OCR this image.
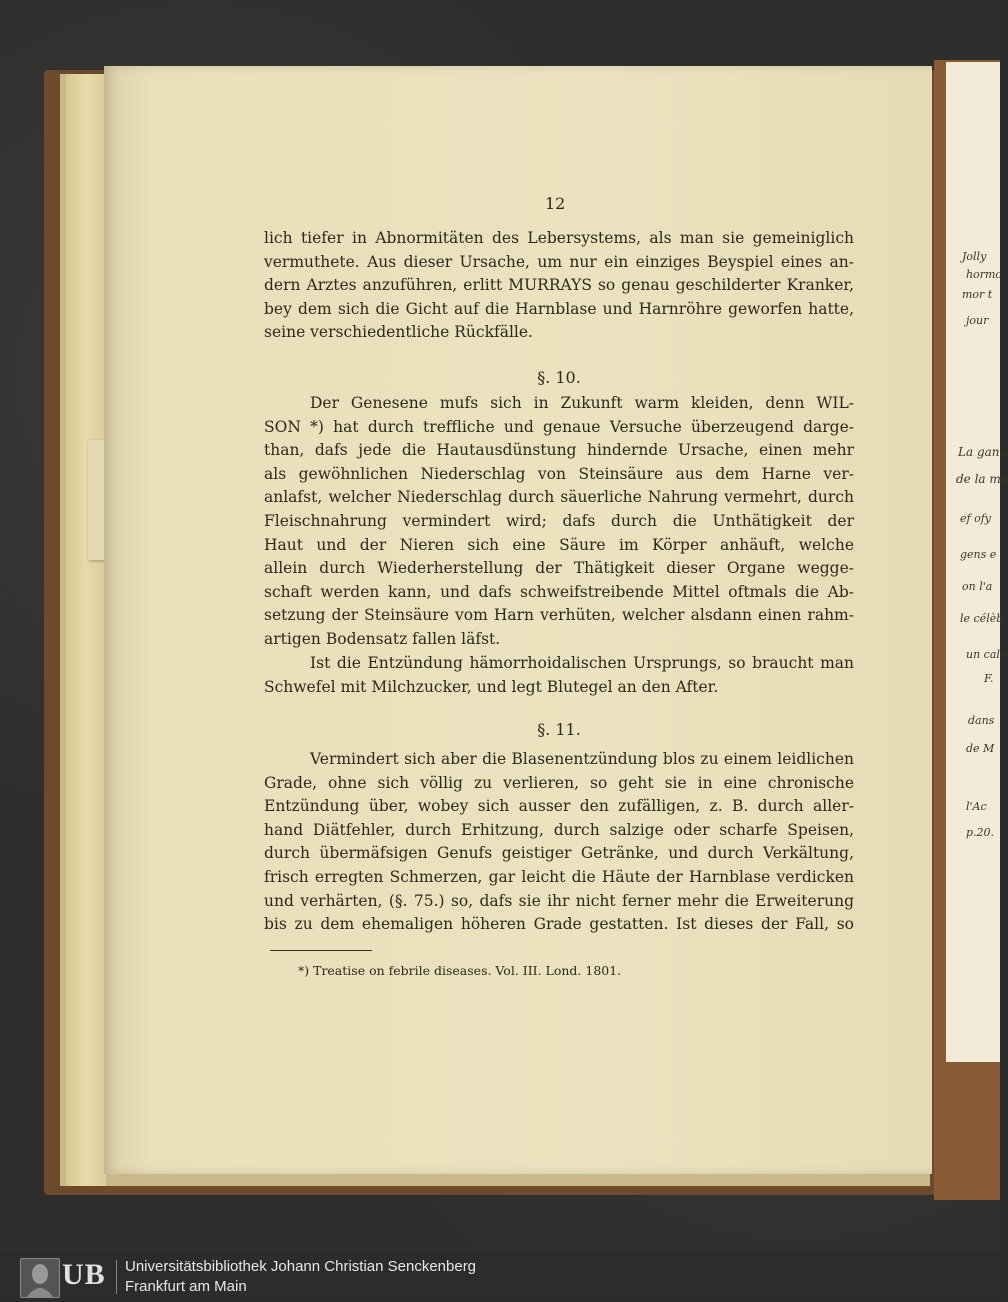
Jolly
hormo
mor t
jour
La gang
de la ma
ef ofy
gens e
on l'a
le célèb
un cale
F.
dans
de M
l'Ac
p.20.
12
lich tiefer in Abnormitäten des Lebersystems, als man sie gemeiniglich
vermuthete. Aus dieser Ursache, um nur ein einziges Beyspiel eines an-
dern Arztes anzuführen, erlitt MURRAYS so genau geschilderter Kranker,
bey dem sich die Gicht auf die Harnblase und Harnröhre geworfen hatte,
seine verschiedentliche Rückfälle.
§. 10.
Der Genesene mufs sich in Zukunft warm kleiden, denn WIL-
SON *) hat durch treffliche und genaue Versuche überzeugend darge-
than, dafs jede die Hautausdünstung hindernde Ursache, einen mehr
als gewöhnlichen Niederschlag von Steinsäure aus dem Harne ver-
anlafst, welcher Niederschlag durch säuerliche Nahrung vermehrt, durch
Fleischnahrung vermindert wird; dafs durch die Unthätigkeit der
Haut und der Nieren sich eine Säure im Körper anhäuft, welche
allein durch Wiederherstellung der Thätigkeit dieser Organe wegge-
schaft werden kann, und dafs schweifstreibende Mittel oftmals die Ab-
setzung der Steinsäure vom Harn verhüten, welcher alsdann einen rahm-
artigen Bodensatz fallen läfst.
Ist die Entzündung hämorrhoidalischen Ursprungs, so braucht man
Schwefel mit Milchzucker, und legt Blutegel an den After.
§. 11.
Vermindert sich aber die Blasenentzündung blos zu einem leidlichen
Grade, ohne sich völlig zu verlieren, so geht sie in eine chronische
Entzündung über, wobey sich ausser den zufälligen, z. B. durch aller-
hand Diätfehler, durch Erhitzung, durch salzige oder scharfe Speisen,
durch übermäfsigen Genufs geistiger Getränke, und durch Verkältung,
frisch erregten Schmerzen, gar leicht die Häute der Harnblase verdicken
und verhärten, (§. 75.) so, dafs sie ihr nicht ferner mehr die Erweiterung
bis zu dem ehemaligen höheren Grade gestatten. Ist dieses der Fall, so
*) Treatise on febrile diseases. Vol. III. Lond. 1801.
UB Universitätsbibliothek Johann Christian Senckenberg
Frankfurt am Main
